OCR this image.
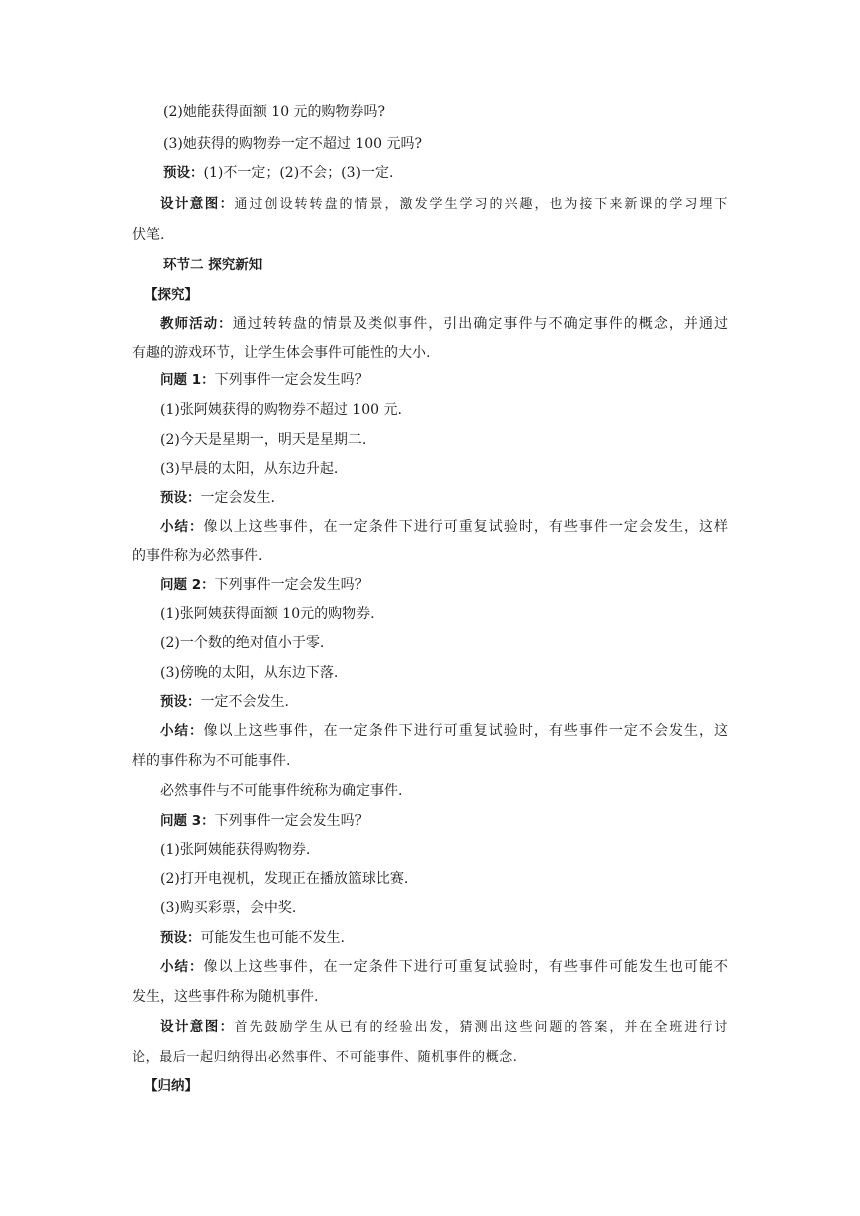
(2)她能获得面额 10 元的购物券吗?
(3)她获得的购物券一定不超过 100 元吗?
预设：(1)不一定；(2)不会；(3)一定.
设计意图：通过创设转转盘的情景，激发学生学习的兴趣，也为接下来新课的学习埋下
伏笔.
环节二 探究新知
【探究】
教师活动：通过转转盘的情景及类似事件，引出确定事件与不确定事件的概念，并通过
有趣的游戏环节，让学生体会事件可能性的大小.
问题 1：下列事件一定会发生吗？
(1)张阿姨获得的购物券不超过 100 元.
(2)今天是星期一，明天是星期二.
(3)早晨的太阳，从东边升起.
预设：一定会发生.
小结：像以上这些事件，在一定条件下进行可重复试验时，有些事件一定会发生，这样
的事件称为必然事件.
问题 2：下列事件一定会发生吗？
(1)张阿姨获得面额 10元的购物券.
(2)一个数的绝对值小于零.
(3)傍晚的太阳，从东边下落.
预设：一定不会发生.
小结：像以上这些事件，在一定条件下进行可重复试验时，有些事件一定不会发生，这
样的事件称为不可能事件.
必然事件与不可能事件统称为确定事件.
问题 3：下列事件一定会发生吗？
(1)张阿姨能获得购物券.
(2)打开电视机，发现正在播放篮球比赛.
(3)购买彩票，会中奖.
预设：可能发生也可能不发生.
小结：像以上这些事件，在一定条件下进行可重复试验时，有些事件可能发生也可能不
发生，这些事件称为随机事件.
设计意图：首先鼓励学生从已有的经验出发，猜测出这些问题的答案，并在全班进行讨
论，最后一起归纳得出必然事件、不可能事件、随机事件的概念.
【归纳】
